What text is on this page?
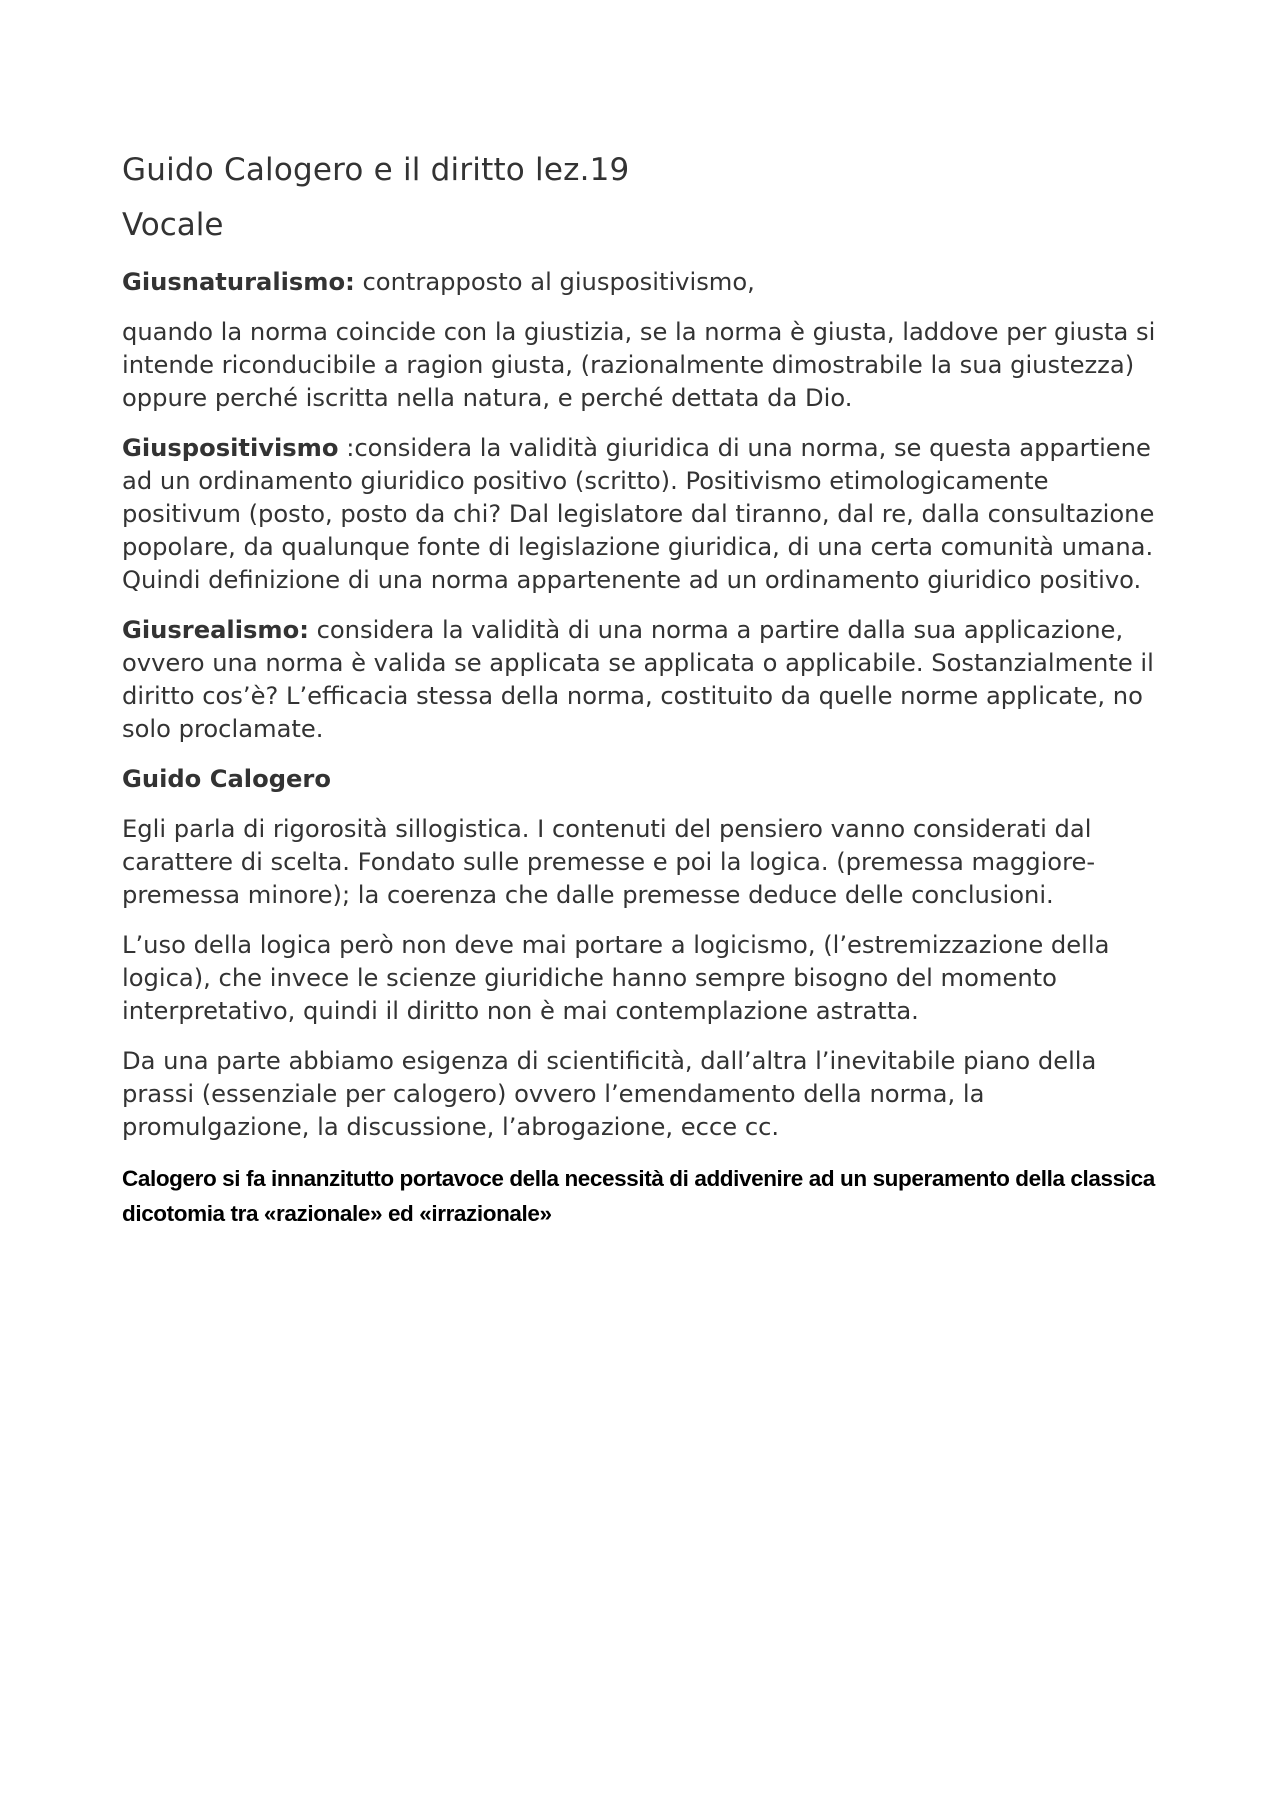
Guido Calogero e il diritto lez.19
Vocale

Giusnaturalismo: contrapposto al giuspositivismo,

quando la norma coincide con la giustizia, se la norma è giusta, laddove per giusta si intende riconducibile a ragion giusta, (razionalmente dimostrabile la sua giustezza) oppure perché iscritta nella natura, e perché dettata da Dio.

Giuspositivismo :considera la validità giuridica di una norma, se questa appartiene ad un ordinamento giuridico positivo (scritto). Positivismo etimologicamente positivum (posto, posto da chi? Dal legislatore dal tiranno, dal re, dalla consultazione popolare, da qualunque fonte di legislazione giuridica, di una certa comunità umana. Quindi definizione di una norma appartenente ad un ordinamento giuridico positivo.

Giusrealismo: considera la validità di una norma a partire dalla sua applicazione, ovvero una norma è valida se applicata se applicata o applicabile. Sostanzialmente il diritto cos’è? L’efficacia stessa della norma, costituito da quelle norme applicate, no solo proclamate.

Guido Calogero

Egli parla di rigorosità sillogistica. I contenuti del pensiero vanno considerati dal carattere di scelta. Fondato sulle premesse e poi la logica. (premessa maggiore-premessa minore); la coerenza che dalle premesse deduce delle conclusioni.

L’uso della logica però non deve mai portare a logicismo, (l’estremizzazione della logica), che invece le scienze giuridiche hanno sempre bisogno del momento interpretativo, quindi il diritto non è mai contemplazione astratta.

Da una parte abbiamo esigenza di scientificità, dall’altra l’inevitabile piano della prassi (essenziale per calogero) ovvero l’emendamento della norma, la promulgazione, la discussione, l’abrogazione, ecce cc.

Calogero si fa innanzitutto portavoce della necessità di addivenire ad un superamento della classica dicotomia tra «razionale» ed «irrazionale»
